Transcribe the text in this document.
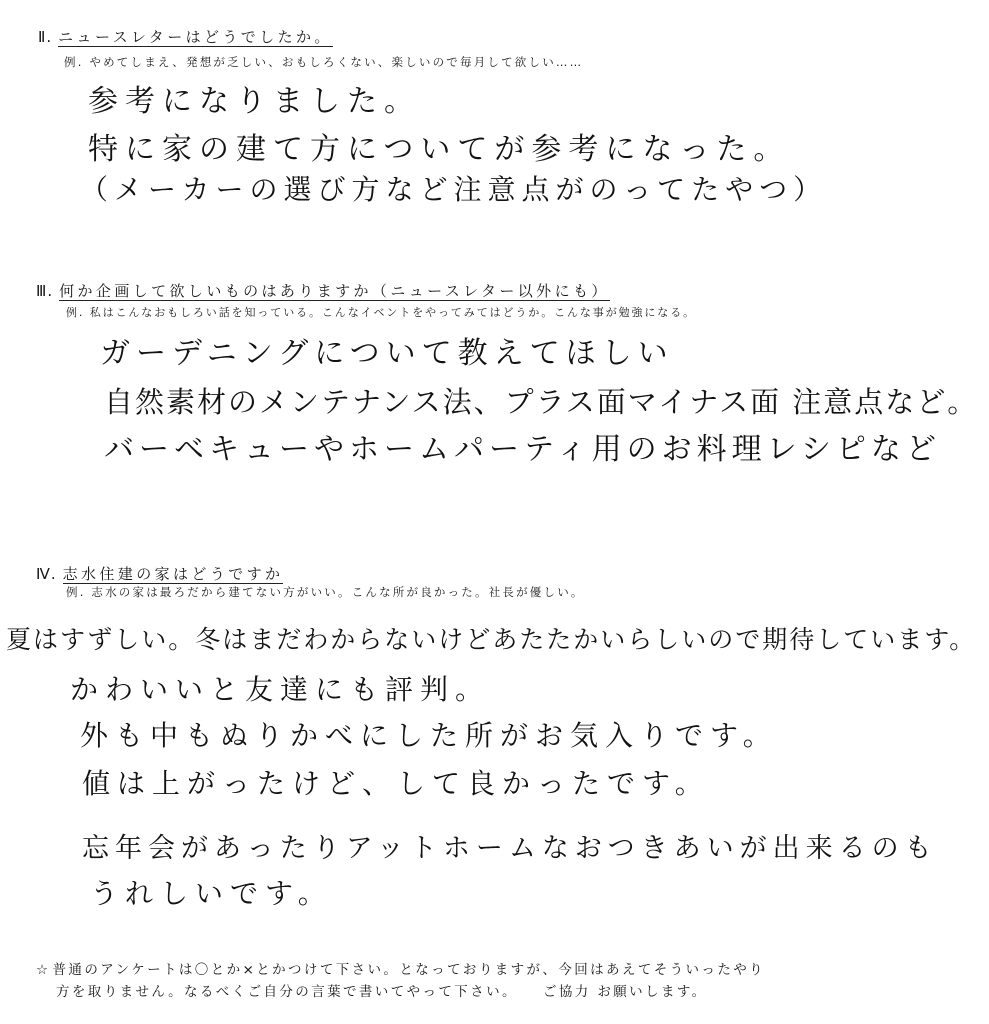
Ⅱ. ニュースレターはどうでしたか。
例. やめてしまえ、発想が乏しい、おもしろくない、楽しいので毎月して欲しい……
参考になりました。
特に家の建て方についてが参考になった。
（メーカーの選び方など注意点がのってたやつ）
Ⅲ. 何か企画して欲しいものはありますか（ニュースレター以外にも）
例. 私はこんなおもしろい話を知っている。こんなイベントをやってみてはどうか。こんな事が勉強になる。
ガーデニングについて教えてほしい
自然素材のメンテナンス法、プラス面マイナス面 注意点など。
バーベキューやホームパーティ用のお料理レシピなど
Ⅳ. 志水住建の家はどうですか
例. 志水の家は最ろだから建てない方がいい。こんな所が良かった。社長が優しい。
夏はすずしい。冬はまだわからないけどあたたかいらしいので期待しています。
かわいいと友達にも評判。
外も中もぬりかべにした所がお気入りです。
値は上がったけど、して良かったです。
忘年会があったりアットホームなおつきあいが出来るのも
うれしいです。
☆ 普通のアンケートは〇とか×とかつけて下さい。となっておりますが、今回はあえてそういったやり
方を取りません。なるべくご自分の言葉で書いてやって下さい。　　ご協力 お願いします。
